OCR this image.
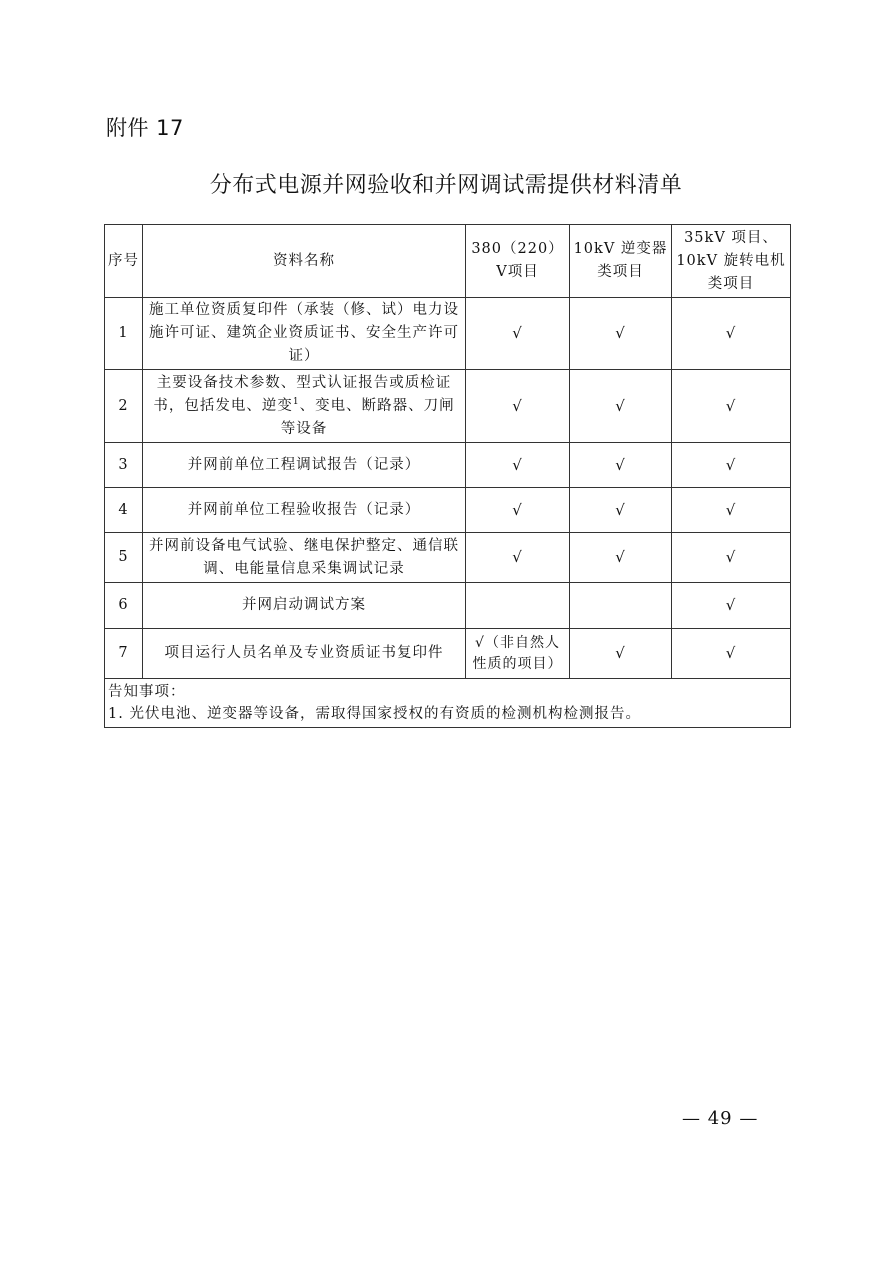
附件 17
分布式电源并网验收和并网调试需提供材料清单
序号	资料名称	380（220）V项目	10kV 逆变器类项目	35kV 项目、10kV 旋转电机类项目
1	施工单位资质复印件（承装（修、试）电力设施许可证、建筑企业资质证书、安全生产许可证）	√	√	√
2	主要设备技术参数、型式认证报告或质检证书，包括发电、逆变$^1$、变电、断路器、刀闸等设备	√	√	√
3	并网前单位工程调试报告（记录）	√	√	√
4	并网前单位工程验收报告（记录）	√	√	√
5	并网前设备电气试验、继电保护整定、通信联调、电能量信息采集调试记录	√	√	√
6	并网启动调试方案			√
7	项目运行人员名单及专业资质证书复印件	√（非自然人性质的项目）	√	√

告知事项：
1. 光伏电池、逆变器等设备，需取得国家授权的有资质的检测机构检测报告。				
— 49 —
